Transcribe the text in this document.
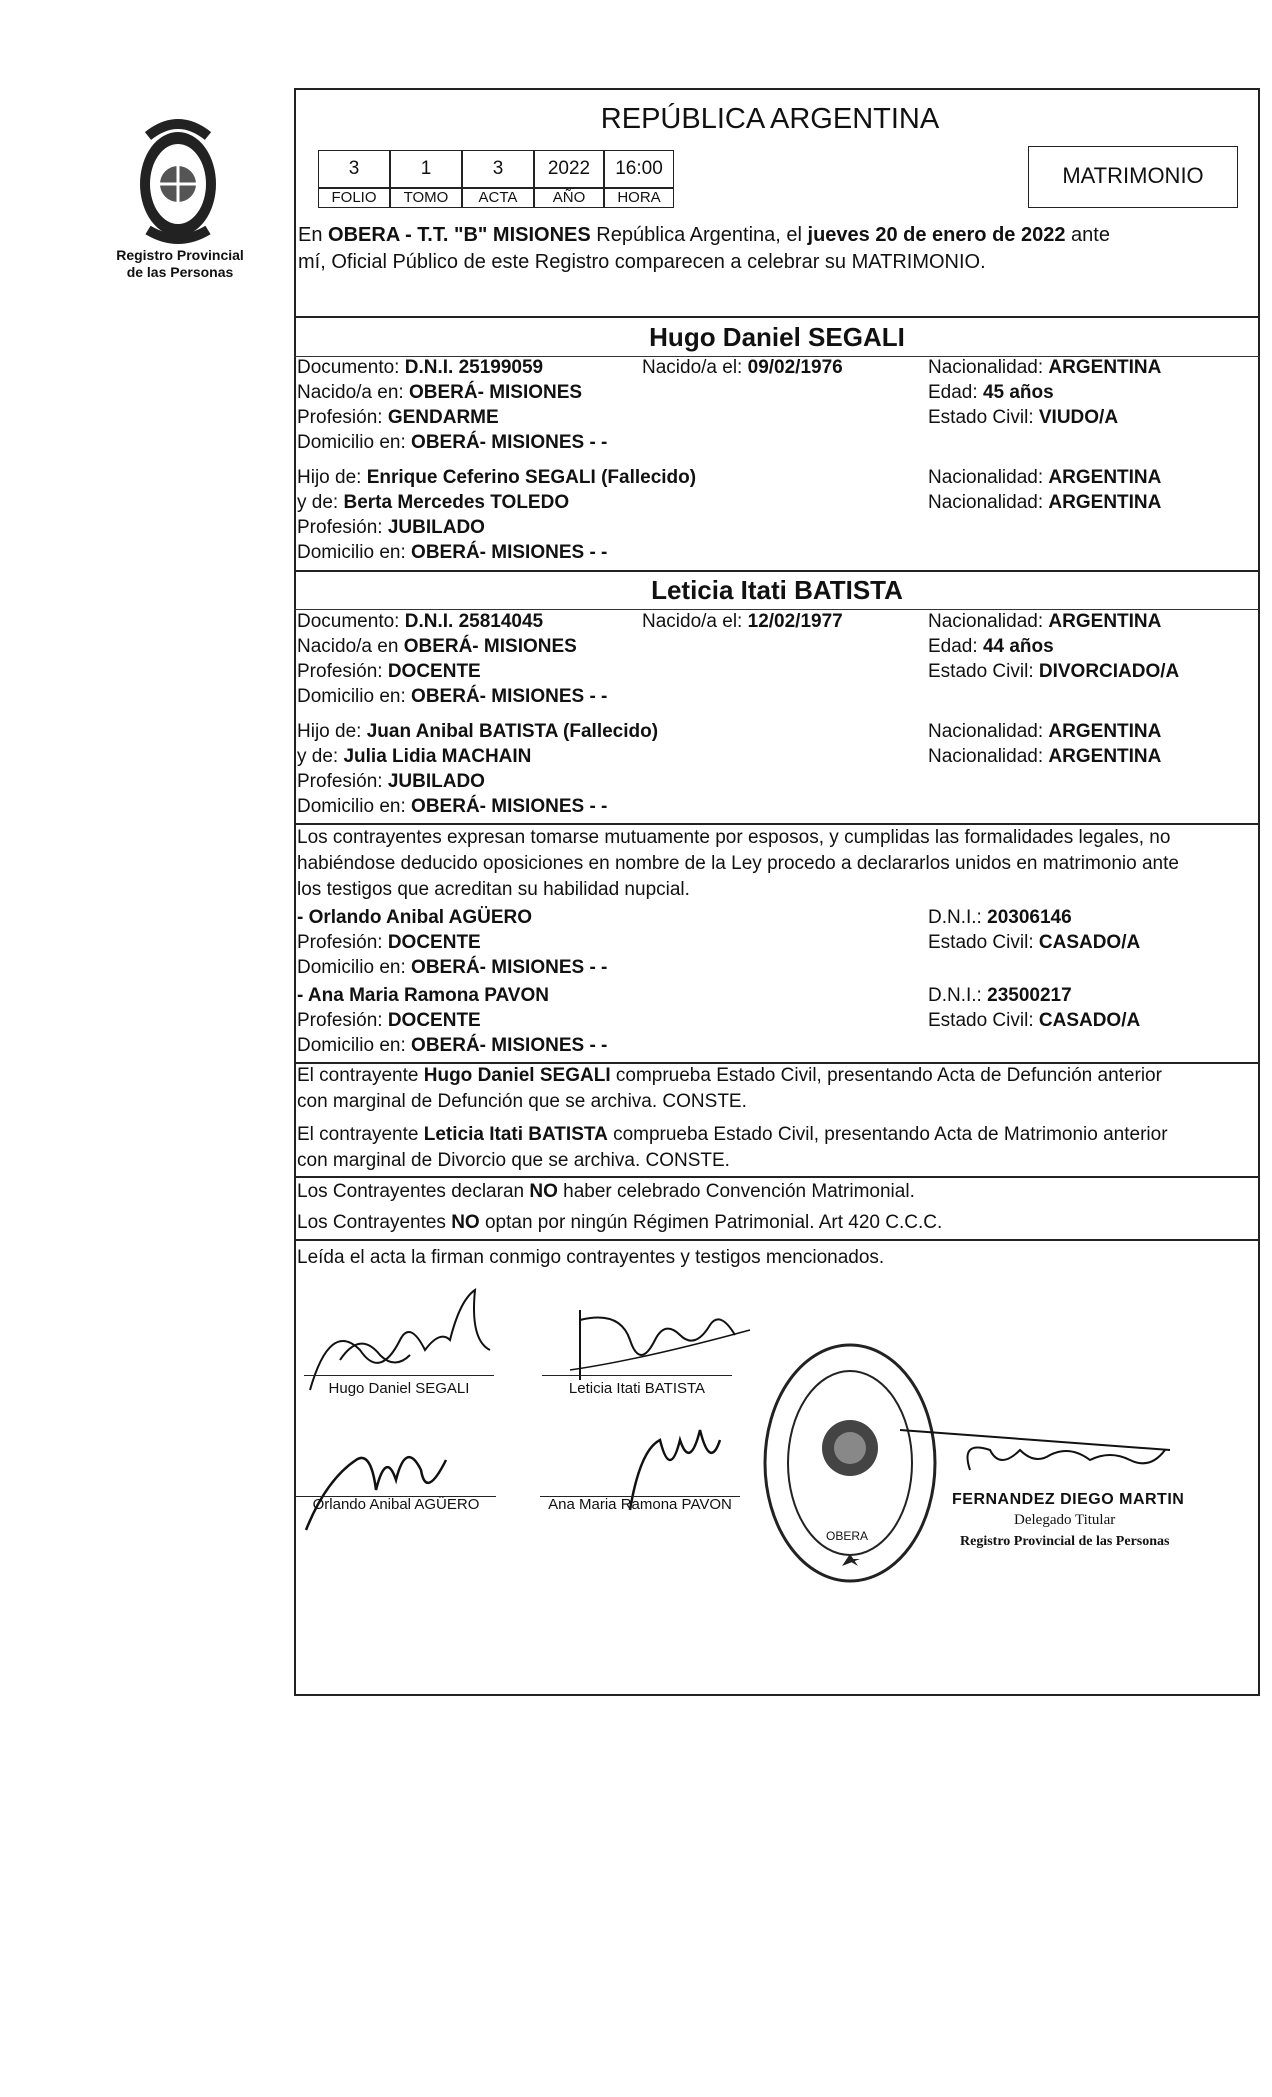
Registro Provincial
de las Personas
REPÚBLICA ARGENTINA
3	1	3	2022	16:00
FOLIO	TOMO	ACTA	AÑO	HORA
MATRIMONIO
En OBERA - T.T. "B" MISIONES República Argentina, el jueves 20 de enero de 2022 ante
mí, Oficial Público de este Registro comparecen a celebrar su MATRIMONIO.
Hugo Daniel SEGALI
Documento: D.N.I. 25199059	Nacido/a el: 09/02/1976	Nacionalidad: ARGENTINA
Nacido/a en: OBERÁ- MISIONES	Edad: 45 años
Profesión: GENDARME	Estado Civil: VIUDO/A
Domicilio en: OBERÁ- MISIONES - -
Hijo de: Enrique Ceferino SEGALI (Fallecido)	Nacionalidad: ARGENTINA
y de: Berta Mercedes TOLEDO	Nacionalidad: ARGENTINA
Profesión: JUBILADO
Domicilio en: OBERÁ- MISIONES - -
Leticia Itati BATISTA
Documento: D.N.I. 25814045	Nacido/a el: 12/02/1977	Nacionalidad: ARGENTINA
Nacido/a en OBERÁ- MISIONES	Edad: 44 años
Profesión: DOCENTE	Estado Civil: DIVORCIADO/A
Domicilio en: OBERÁ- MISIONES - -
Hijo de: Juan Anibal BATISTA (Fallecido)	Nacionalidad: ARGENTINA
y de: Julia Lidia MACHAIN	Nacionalidad: ARGENTINA
Profesión: JUBILADO
Domicilio en: OBERÁ- MISIONES - -
Los contrayentes expresan tomarse mutuamente por esposos, y cumplidas las formalidades legales, no
habiéndose deducido oposiciones en nombre de la Ley procedo a declararlos unidos en matrimonio ante
los testigos que acreditan su habilidad nupcial.
- Orlando Anibal AGÜERO	D.N.I.: 20306146
Profesión: DOCENTE	Estado Civil: CASADO/A
Domicilio en: OBERÁ- MISIONES - -
- Ana Maria Ramona PAVON	D.N.I.: 23500217
Profesión: DOCENTE	Estado Civil: CASADO/A
Domicilio en: OBERÁ- MISIONES - -
El contrayente Hugo Daniel SEGALI comprueba Estado Civil, presentando Acta de Defunción anterior
con marginal de Defunción que se archiva. CONSTE.
El contrayente Leticia Itati BATISTA comprueba Estado Civil, presentando Acta de Matrimonio anterior
con marginal de Divorcio que se archiva. CONSTE.
Los Contrayentes declaran NO haber celebrado Convención Matrimonial.
Los Contrayentes NO optan por ningún Régimen Patrimonial. Art 420 C.C.C.
Leída el acta la firman conmigo contrayentes y testigos mencionados.
Hugo Daniel SEGALI	Leticia Itati BATISTA
Orlando Anibal AGÜERO	Ana Maria Ramona PAVON
OBERA
FERNANDEZ DIEGO MARTIN
Delegado Titular
Registro Provincial de las Personas
